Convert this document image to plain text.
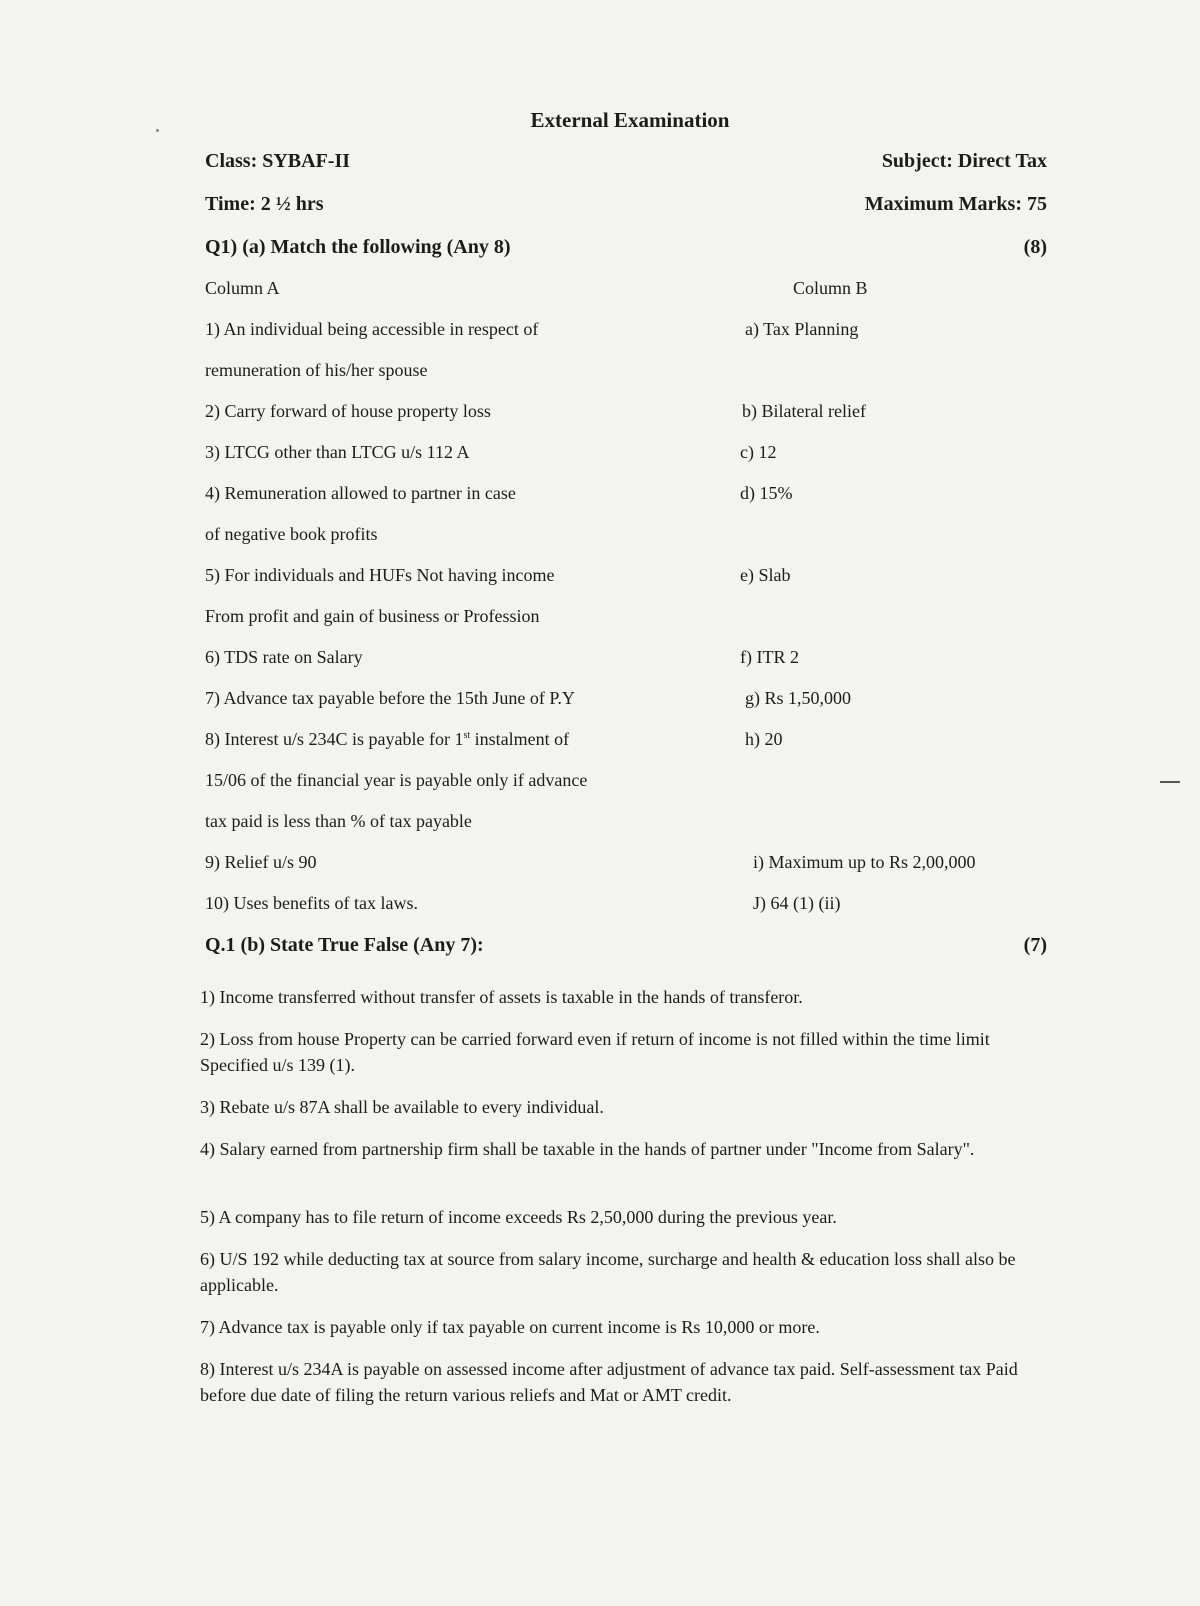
External Examination
Class: SYBAF-II	Subject: Direct Tax
Time: 2 ½ hrs	Maximum Marks: 75
Q1) (a) Match the following (Any 8)	(8)
Column A	Column B
1) An individual being accessible in respect of	a) Tax Planning
remuneration of his/her spouse
2) Carry forward of house property loss	b) Bilateral relief
3) LTCG other than LTCG u/s 112 A	c) 12
4) Remuneration allowed to partner in case	d) 15%
of negative book profits
5) For individuals and HUFs Not having income	e) Slab
From profit and gain of business or Profession
6) TDS rate on Salary	f) ITR 2
7) Advance tax payable before the 15th June of P.Y	g) Rs 1,50,000
8) Interest u/s 234C is payable for 1st instalment of	h) 20
15/06 of the financial year is payable only if advance
tax paid is less than % of tax payable
9) Relief u/s 90	i) Maximum up to Rs 2,00,000
10) Uses benefits of tax laws.	J) 64 (1) (ii)
Q.1 (b) State True False (Any 7):	(7)
1) Income transferred without transfer of assets is taxable in the hands of transferor.
2) Loss from house Property can be carried forward even if return of income is not filled within the time limit Specified u/s 139 (1).
3) Rebate u/s 87A shall be available to every individual.
4) Salary earned from partnership firm shall be taxable in the hands of partner under "Income from Salary".
5) A company has to file return of income exceeds Rs 2,50,000 during the previous year.
6) U/S 192 while deducting tax at source from salary income, surcharge and health & education loss shall also be applicable.
7) Advance tax is payable only if tax payable on current income is Rs 10,000 or more.
8) Interest u/s 234A is payable on assessed income after adjustment of advance tax paid. Self-assessment tax Paid before due date of filing the return various reliefs and Mat or AMT credit.
